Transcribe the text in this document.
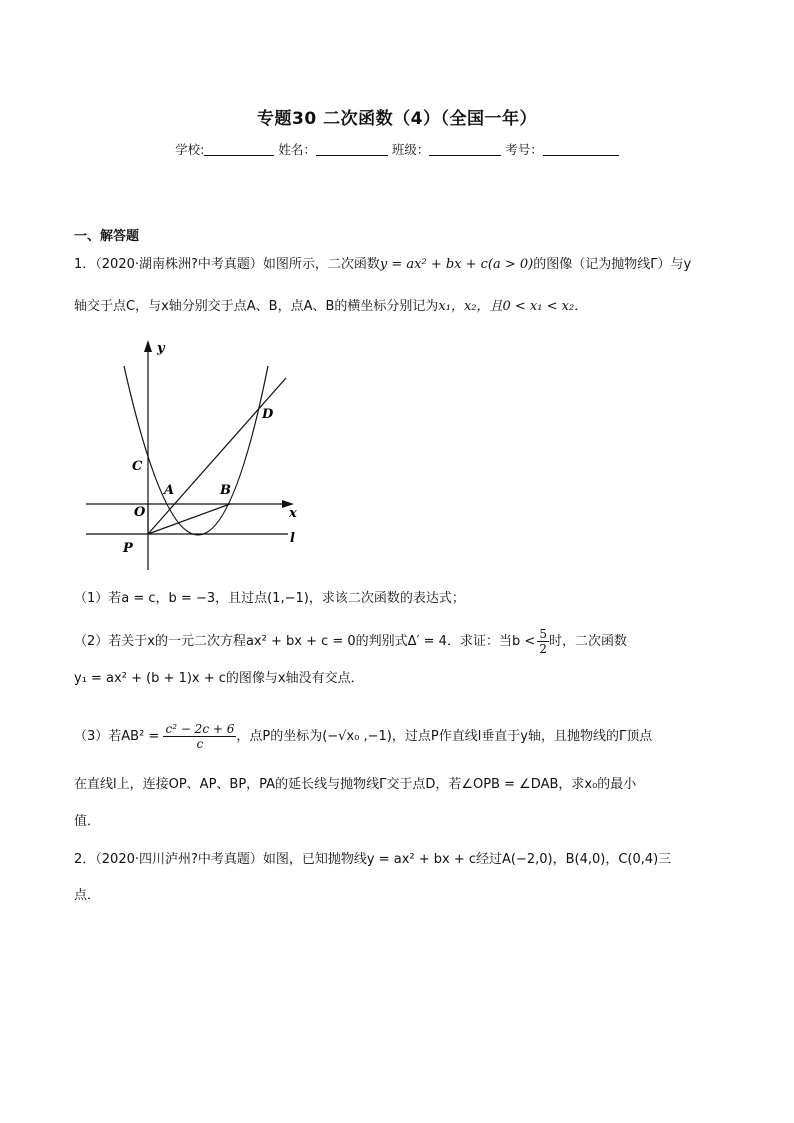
专题30 二次函数（4）（全国一年）
学校:	姓名：	班级：	考号：
一、解答题
1．（2020·湖南株洲?中考真题）如图所示，二次函数y = ax² + bx + c(a > 0)的图像（记为抛物线Γ）与y
轴交于点C，与x轴分别交于点A、B，点A、B的横坐标分别记为x₁，x₂，且0 < x₁ < x₂．
y
x
l
C
A	B
D
O
P
（1）若a = c，b = −3，且过点(1,−1)，求该二次函数的表达式；
（2）若关于x的一元二次方程ax² + bx + c = 0的判别式Δ′ = 4．求证：当$b < \frac{5}{2}$ 时，二次函数
y₁ = ax² + (b + 1)x + c的图像与x轴没有交点．
（3）若$AB^2 = \frac{\text{c² − 2c + 6}}{c}$ ，点P的坐标为(−√x₀ ,−1)，过点P作直线l垂直于y轴，且抛物线的Γ顶点
在直线l上，连接OP、AP、BP，PA的延长线与抛物线Γ交于点D，若∠OPB = ∠DAB，求x₀的最小
值．
2．（2020·四川泸州?中考真题）如图，已知抛物线y = ax² + bx + c经过A(−2,0)，B(4,0)，C(0,4)三
点．
